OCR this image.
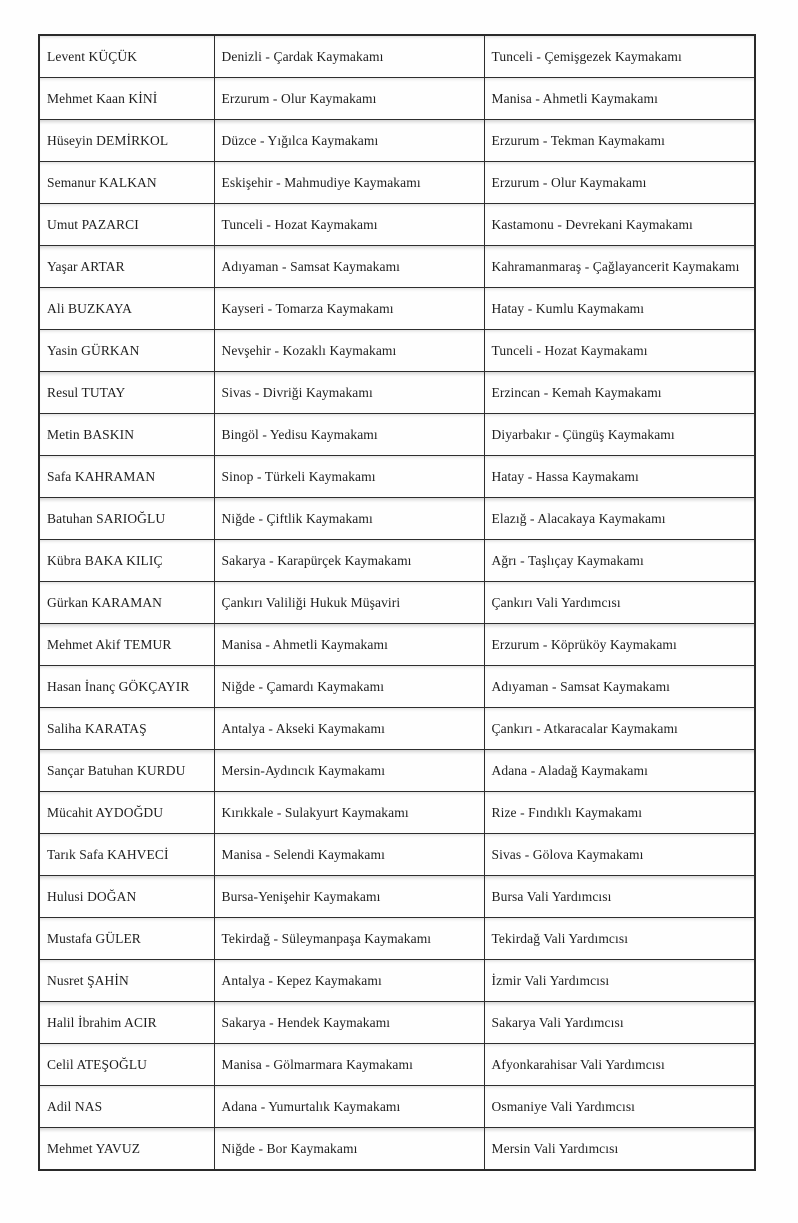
Levent KÜÇÜK	Denizli - Çardak Kaymakamı	Tunceli - Çemişgezek Kaymakamı
Mehmet Kaan KİNİ	Erzurum - Olur Kaymakamı	Manisa - Ahmetli Kaymakamı
Hüseyin DEMİRKOL	Düzce - Yığılca Kaymakamı	Erzurum - Tekman Kaymakamı
Semanur KALKAN	Eskişehir - Mahmudiye Kaymakamı	Erzurum - Olur Kaymakamı
Umut PAZARCI	Tunceli - Hozat Kaymakamı	Kastamonu - Devrekani Kaymakamı
Yaşar ARTAR	Adıyaman - Samsat Kaymakamı	Kahramanmaraş - Çağlayancerit Kaymakamı
Ali BUZKAYA	Kayseri - Tomarza Kaymakamı	Hatay - Kumlu Kaymakamı
Yasin GÜRKAN	Nevşehir - Kozaklı Kaymakamı	Tunceli - Hozat Kaymakamı
Resul TUTAY	Sivas - Divriği Kaymakamı	Erzincan - Kemah Kaymakamı
Metin BASKIN	Bingöl - Yedisu Kaymakamı	Diyarbakır - Çüngüş Kaymakamı
Safa KAHRAMAN	Sinop - Türkeli Kaymakamı	Hatay - Hassa Kaymakamı
Batuhan SARIOĞLU	Niğde - Çiftlik Kaymakamı	Elazığ - Alacakaya Kaymakamı
Kübra BAKA KILIÇ	Sakarya - Karapürçek Kaymakamı	Ağrı - Taşlıçay Kaymakamı
Gürkan KARAMAN	Çankırı Valiliği Hukuk Müşaviri	Çankırı Vali Yardımcısı
Mehmet Akif TEMUR	Manisa - Ahmetli Kaymakamı	Erzurum - Köprüköy Kaymakamı
Hasan İnanç GÖKÇAYIR	Niğde - Çamardı Kaymakamı	Adıyaman - Samsat Kaymakamı
Saliha KARATAŞ	Antalya - Akseki Kaymakamı	Çankırı - Atkaracalar Kaymakamı
Sançar Batuhan KURDU	Mersin-Aydıncık Kaymakamı	Adana - Aladağ Kaymakamı
Mücahit AYDOĞDU	Kırıkkale - Sulakyurt Kaymakamı	Rize - Fındıklı Kaymakamı
Tarık Safa KAHVECİ	Manisa - Selendi Kaymakamı	Sivas - Gölova Kaymakamı
Hulusi DOĞAN	Bursa-Yenişehir Kaymakamı	Bursa Vali Yardımcısı
Mustafa GÜLER	Tekirdağ - Süleymanpaşa Kaymakamı	Tekirdağ Vali Yardımcısı
Nusret ŞAHİN	Antalya - Kepez Kaymakamı	İzmir Vali Yardımcısı
Halil İbrahim ACIR	Sakarya - Hendek Kaymakamı	Sakarya Vali Yardımcısı
Celil ATEŞOĞLU	Manisa - Gölmarmara Kaymakamı	Afyonkarahisar Vali Yardımcısı
Adil NAS	Adana - Yumurtalık Kaymakamı	Osmaniye Vali Yardımcısı
Mehmet YAVUZ	Niğde - Bor Kaymakamı	Mersin Vali Yardımcısı
